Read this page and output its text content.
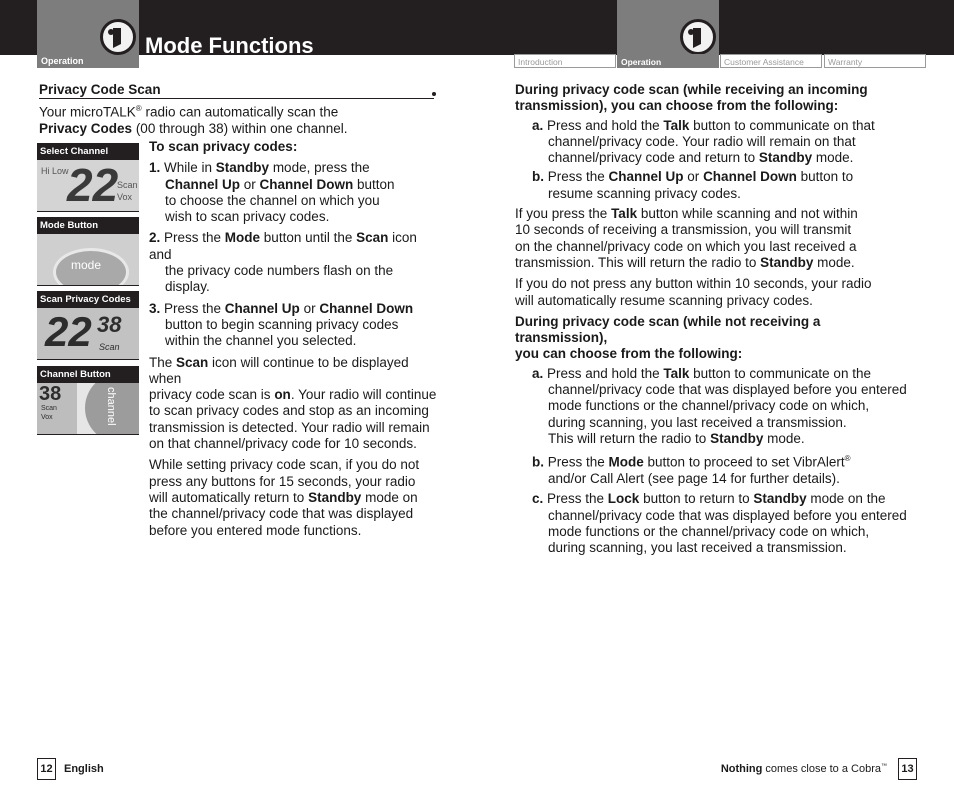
Operation
Mode Functions
Introduction	Operation	Customer Assistance	Warranty
Privacy Code Scan

Your microTALK® radio can automatically scan the

Privacy Codes (00 through 38) within one channel.

Select Channel
Hi Low
22
Scan
Vox
Mode Button
mode
Scan Privacy Codes
22 38
Scan
Channel Button
38
Scan
Vox	channel

To scan privacy codes:

1. While in Standby mode, press the

Channel Up or Channel Down button

to choose the channel on which you

wish to scan privacy codes.

2. Press the Mode button until the Scan icon and

the privacy code numbers flash on the display.

3. Press the Channel Up or Channel Down

button to begin scanning privacy codes

within the channel you selected.

The Scan icon will continue to be displayed when

privacy code scan is on. Your radio will continue

to scan privacy codes and stop as an incoming

transmission is detected. Your radio will remain

on that channel/privacy code for 10 seconds.

While setting privacy code scan, if you do not

press any buttons for 15 seconds, your radio

will automatically return to Standby mode on

the channel/privacy code that was displayed

before you entered mode functions.

During privacy code scan (while receiving an incoming

transmission), you can choose from the following:

a. Press and hold the Talk button to communicate on that

channel/privacy code. Your radio will remain on that

channel/privacy code and return to Standby mode.

b. Press the Channel Up or Channel Down button to

resume scanning privacy codes.

If you press the Talk button while scanning and not within

10 seconds of receiving a transmission, you will transmit

on the channel/privacy code on which you last received a

transmission. This will return the radio to Standby mode.

If you do not press any button within 10 seconds, your radio

will automatically resume scanning privacy codes.

During privacy code scan (while not receiving a transmission),

you can choose from the following:

a. Press and hold the Talk button to communicate on the

channel/privacy code that was displayed before you entered

mode functions or the channel/privacy code on which,

during scanning, you last received a transmission.

This will return the radio to Standby mode.

b. Press the Mode button to proceed to set VibrAlert®

and/or Call Alert (see page 14 for further details).

c. Press the Lock button to return to Standby mode on the

channel/privacy code that was displayed before you entered

mode functions or the channel/privacy code on which,

during scanning, you last received a transmission.

12	English	Nothing comes close to a Cobra™	13
